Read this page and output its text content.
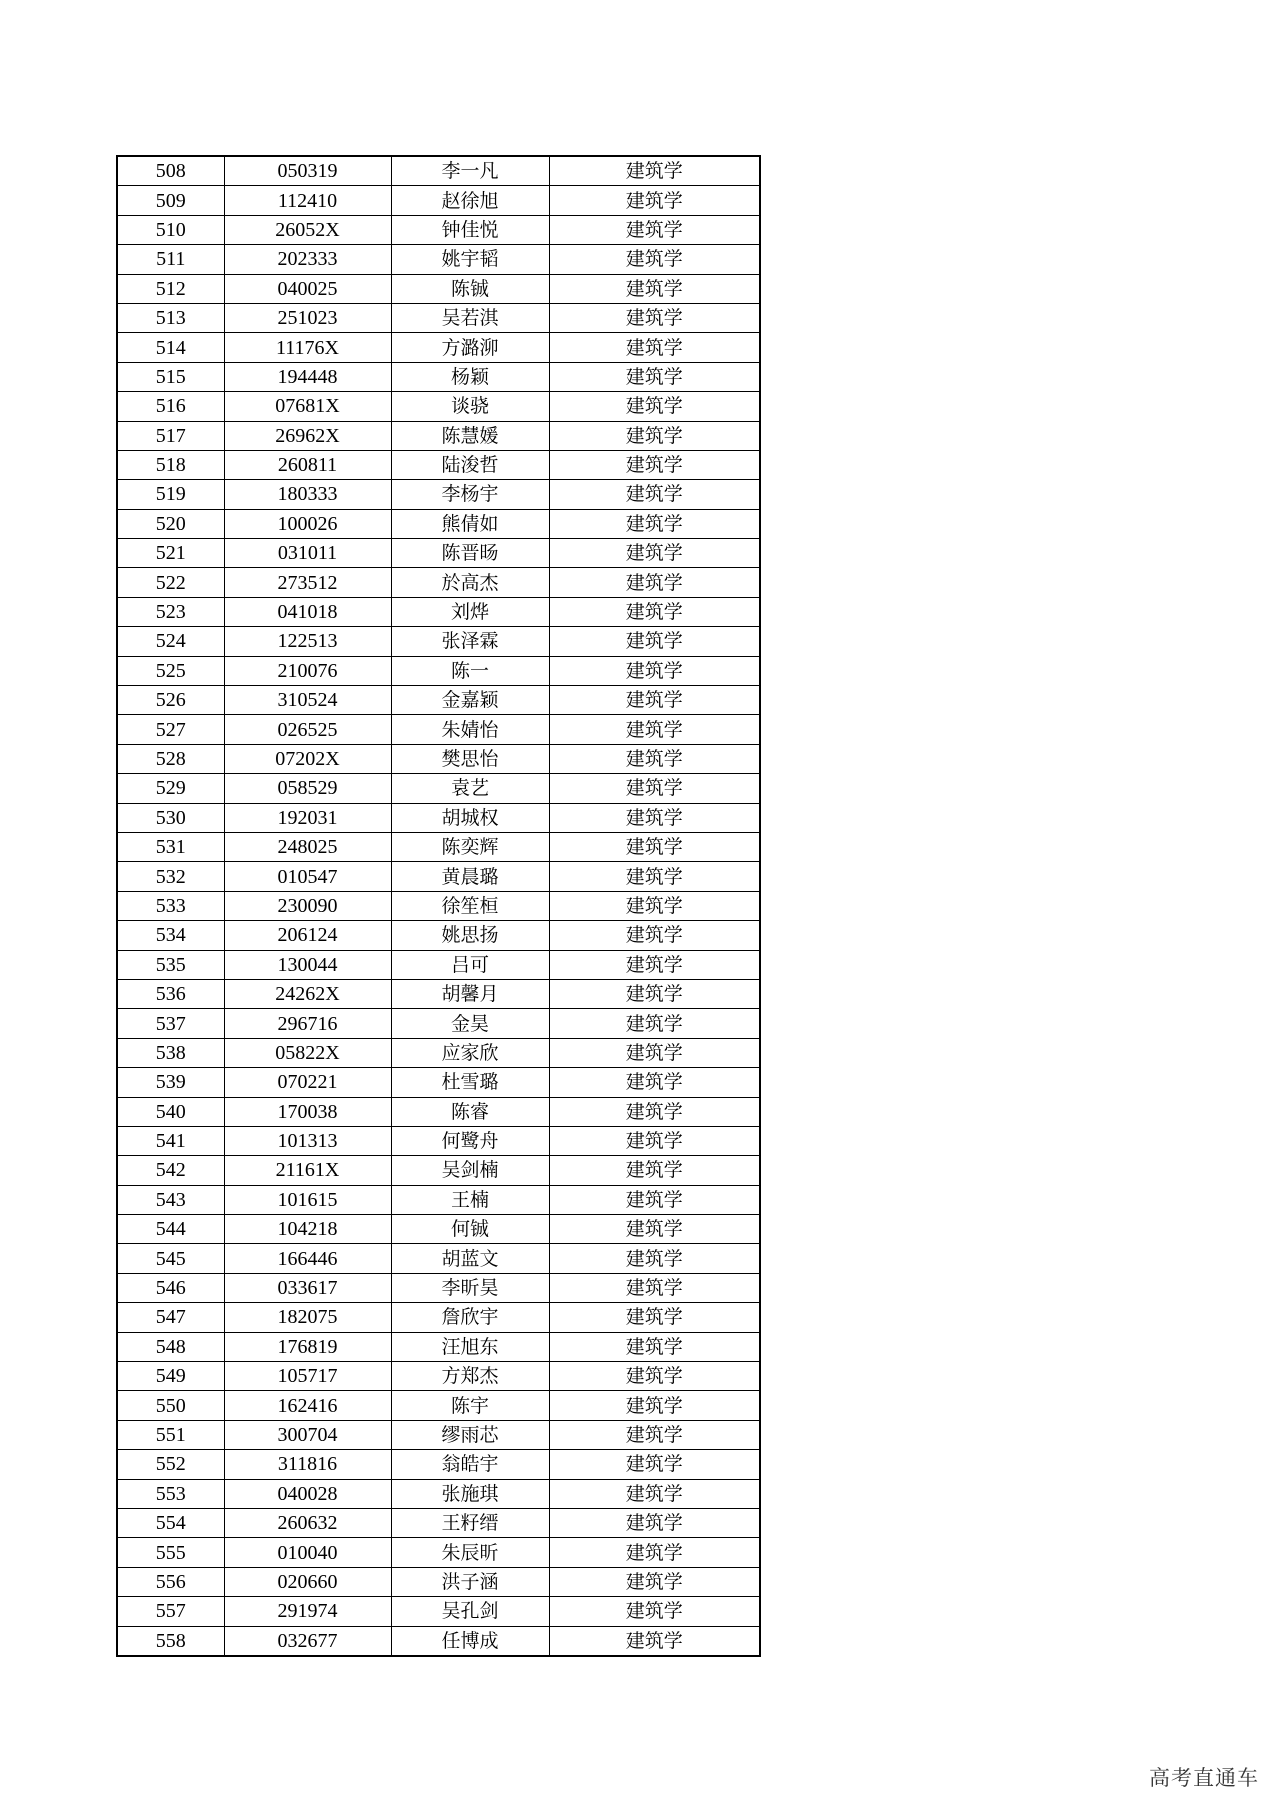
508	050319	李一凡	建筑学
509	112410	赵徐旭	建筑学
510	26052X	钟佳悦	建筑学
511	202333	姚宇韬	建筑学
512	040025	陈铖	建筑学
513	251023	吴若淇	建筑学
514	11176X	方潞泖	建筑学
515	194448	杨颖	建筑学
516	07681X	谈骁	建筑学
517	26962X	陈慧媛	建筑学
518	260811	陆浚哲	建筑学
519	180333	李杨宇	建筑学
520	100026	熊倩如	建筑学
521	031011	陈晋旸	建筑学
522	273512	於高杰	建筑学
523	041018	刘烨	建筑学
524	122513	张泽霖	建筑学
525	210076	陈一	建筑学
526	310524	金嘉颖	建筑学
527	026525	朱婧怡	建筑学
528	07202X	樊思怡	建筑学
529	058529	袁艺	建筑学
530	192031	胡城权	建筑学
531	248025	陈奕辉	建筑学
532	010547	黄晨璐	建筑学
533	230090	徐笙桓	建筑学
534	206124	姚思扬	建筑学
535	130044	吕可	建筑学
536	24262X	胡馨月	建筑学
537	296716	金昊	建筑学
538	05822X	应家欣	建筑学
539	070221	杜雪璐	建筑学
540	170038	陈睿	建筑学
541	101313	何鹭舟	建筑学
542	21161X	吴剑楠	建筑学
543	101615	王楠	建筑学
544	104218	何铖	建筑学
545	166446	胡蓝文	建筑学
546	033617	李昕昊	建筑学
547	182075	詹欣宇	建筑学
548	176819	汪旭东	建筑学
549	105717	方郑杰	建筑学
550	162416	陈宇	建筑学
551	300704	缪雨芯	建筑学
552	311816	翁皓宇	建筑学
553	040028	张施琪	建筑学
554	260632	王籽缙	建筑学
555	010040	朱辰昕	建筑学
556	020660	洪子涵	建筑学
557	291974	吴孔剑	建筑学
558	032677	任博成	建筑学
高考直通车
